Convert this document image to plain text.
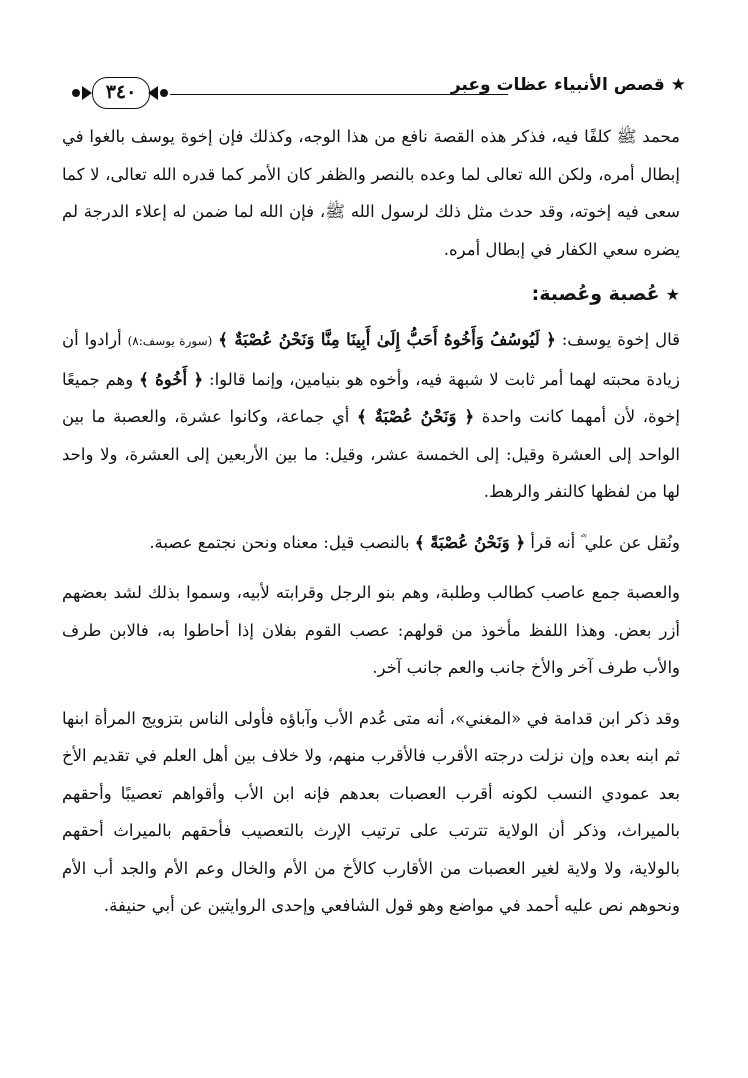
★ قصص الأنبياء عظات وعبر
٣٤٠

محمد ﷺ كلفًا فيه، فذكر هذه القصة نافع من هذا الوجه، وكذلك فإن إخوة يوسف بالغوا في إبطال أمره، ولكن الله تعالى لما وعده بالنصر والظفر كان الأمر كما قدره الله تعالى، لا كما سعى فيه إخوته، وقد حدث مثل ذلك لرسول الله ﷺ، فإن الله لما ضمن له إعلاء الدرجة لم يضره سعي الكفار في إبطال أمره.

★عُصبة وعُصبة:

قال إخوة يوسف: ﴿ لَيُوسُفُ وَأَخُوهُ أَحَبُّ إِلَىٰ أَبِينَا مِنَّا وَنَحْنُ عُصْبَةٌ ﴾ (سورة يوسف:٨) أرادوا أن زيادة محبته لهما أمر ثابت لا شبهة فيه، وأخوه هو بنيامين، وإنما قالوا: ﴿ أَخُوهُ ﴾ وهم جميعًا إخوة، لأن أمهما كانت واحدة ﴿ وَنَحْنُ عُصْبَةٌ ﴾ أي جماعة، وكانوا عشرة، والعصبة ما بين الواحد إلى العشرة وقيل: إلى الخمسة عشر، وقيل: ما بين الأربعين إلى العشرة، ولا واحد لها من لفظها كالنفر والرهط.

ونُقل عن علي ؓ أنه قرأ ﴿ وَنَحْنُ عُصْبَةً ﴾ بالنصب قيل: معناه ونحن نجتمع عصبة.

والعصبة جمع عاصب كطالب وطلبة، وهم بنو الرجل وقرابته لأبيه، وسموا بذلك لشد بعضهم أزر بعض. وهذا اللفظ مأخوذ من قولهم: عصب القوم بفلان إذا أحاطوا به، فالابن طرف والأب طرف آخر والأخ جانب والعم جانب آخر.

وقد ذكر ابن قدامة في «المغني»، أنه متى عُدم الأب وآباؤه فأولى الناس بتزويج المرأة ابنها ثم ابنه بعده وإن نزلت درجته الأقرب فالأقرب منهم، ولا خلاف بين أهل العلم في تقديم الأخ بعد عمودي النسب لكونه أقرب العصبات بعدهم فإنه ابن الأب وأقواهم تعصيبًا وأحقهم بالميراث، وذكر أن الولاية تترتب على ترتيب الإرث بالتعصيب فأحقهم بالميراث أحقهم بالولاية، ولا ولاية لغير العصبات من الأقارب كالأخ من الأم والخال وعم الأم والجد أب الأم ونحوهم نص عليه أحمد في مواضع وهو قول الشافعي وإحدى الروايتين عن أبي حنيفة.
